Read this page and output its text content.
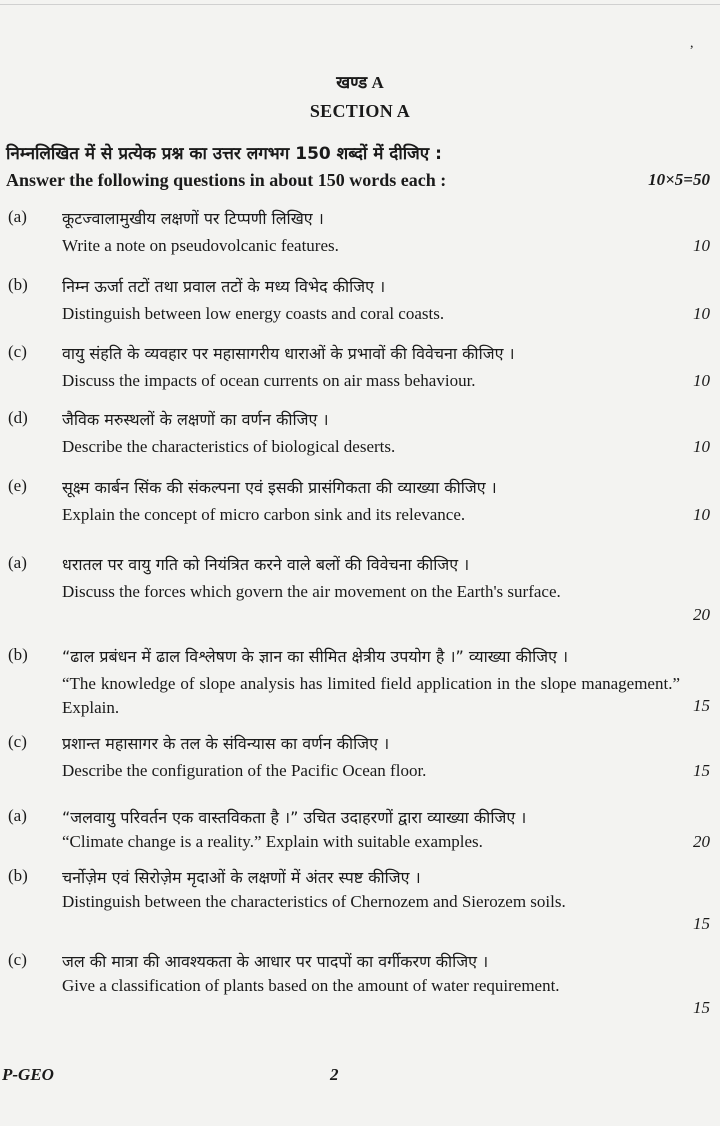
,
खण्ड A
SECTION A
निम्नलिखित में से प्रत्येक प्रश्न का उत्तर लगभग 150 शब्दों में दीजिए :
Answer the following questions in about 150 words each :	10×5=50
(a) कूटज्वालामुखीय लक्षणों पर टिप्पणी लिखिए ।
Write a note on pseudovolcanic features.	10
(b) निम्न ऊर्जा तटों तथा प्रवाल तटों के मध्य विभेद कीजिए ।
Distinguish between low energy coasts and coral coasts.	10
(c) वायु संहति के व्यवहार पर महासागरीय धाराओं के प्रभावों की विवेचना कीजिए ।
Discuss the impacts of ocean currents on air mass behaviour.	10
(d) जैविक मरुस्थलों के लक्षणों का वर्णन कीजिए ।
Describe the characteristics of biological deserts.	10
(e) सूक्ष्म कार्बन सिंक की संकल्पना एवं इसकी प्रासंगिकता की व्याख्या कीजिए ।
Explain the concept of micro carbon sink and its relevance.	10
(a) धरातल पर वायु गति को नियंत्रित करने वाले बलों की विवेचना कीजिए ।
Discuss the forces which govern the air movement on the Earth's surface.
20
(b) “ढाल प्रबंधन में ढाल विश्लेषण के ज्ञान का सीमित क्षेत्रीय उपयोग है ।” व्याख्या कीजिए ।
“The knowledge of slope analysis has limited field application in the slope management.” Explain.	15
(c) प्रशान्त महासागर के तल के संविन्यास का वर्णन कीजिए ।
Describe the configuration of the Pacific Ocean floor.	15
(a) “जलवायु परिवर्तन एक वास्तविकता है ।” उचित उदाहरणों द्वारा व्याख्या कीजिए ।
“Climate change is a reality.” Explain with suitable examples.	20
(b) चर्नोज़ेम एवं सिरोज़ेम मृदाओं के लक्षणों में अंतर स्पष्ट कीजिए ।
Distinguish between the characteristics of Chernozem and Sierozem soils.
15
(c) जल की मात्रा की आवश्यकता के आधार पर पादपों का वर्गीकरण कीजिए ।
Give a classification of plants based on the amount of water requirement.
15
P-GEO	2
